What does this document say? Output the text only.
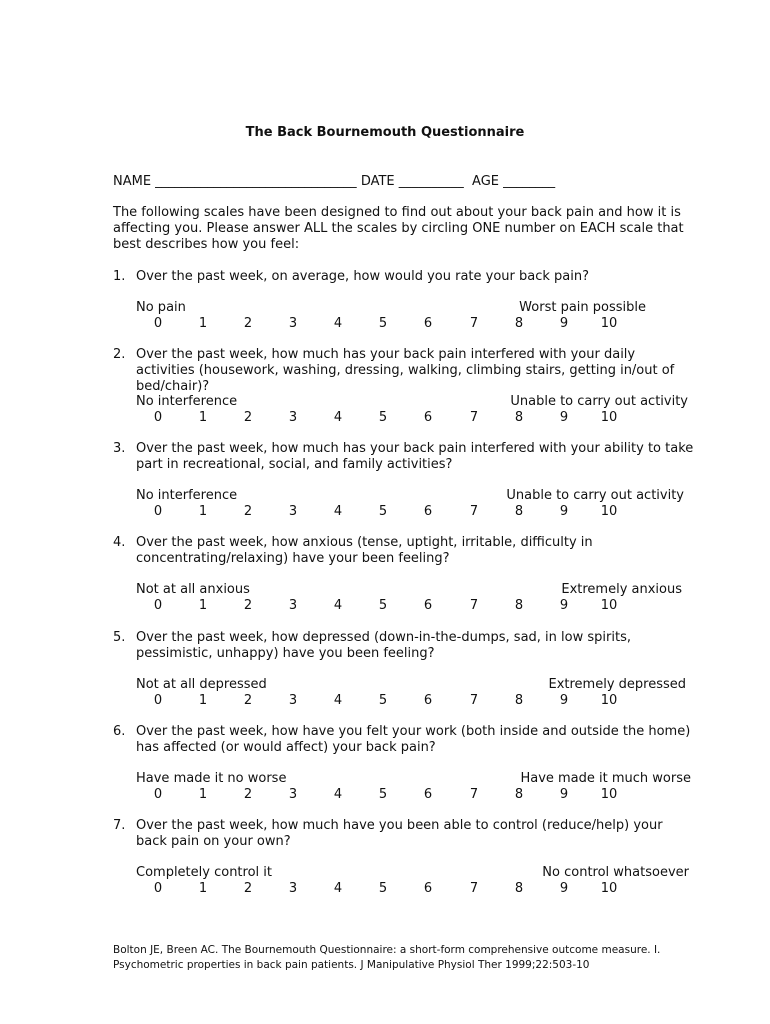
The Back Bournemouth Questionnaire
NAME _______________________________ DATE __________  AGE ________
The following scales have been designed to find out about your back pain and how it is affecting you. Please answer ALL the scales by circling ONE number on EACH scale that best describes how you feel:
1. Over the past week, on average, how would you rate your back pain?
No pain	Worst pain possible
0	1	2	3	4	5	6	7	8	9	10
2. Over the past week, how much has your back pain interfered with your daily activities (housework, washing, dressing, walking, climbing stairs, getting in/out of bed/chair)?
No interference	Unable to carry out activity
0	1	2	3	4	5	6	7	8	9	10
3. Over the past week, how much has your back pain interfered with your ability to take part in recreational, social, and family activities?
No interference	Unable to carry out activity
0	1	2	3	4	5	6	7	8	9	10
4. Over the past week, how anxious (tense, uptight, irritable, difficulty in concentrating/relaxing) have your been feeling?
Not at all anxious	Extremely anxious
0	1	2	3	4	5	6	7	8	9	10
5. Over the past week, how depressed (down-in-the-dumps, sad, in low spirits, pessimistic, unhappy) have you been feeling?
Not at all depressed	Extremely depressed
0	1	2	3	4	5	6	7	8	9	10
6. Over the past week, how have you felt your work (both inside and outside the home) has affected (or would affect) your back pain?
Have made it no worse	Have made it much worse
0	1	2	3	4	5	6	7	8	9	10
7. Over the past week, how much have you been able to control (reduce/help) your back pain on your own?
Completely control it	No control whatsoever
0	1	2	3	4	5	6	7	8	9	10
Bolton JE, Breen AC. The Bournemouth Questionnaire: a short-form comprehensive outcome measure. I. Psychometric properties in back pain patients. J Manipulative Physiol Ther 1999;22:503-10
